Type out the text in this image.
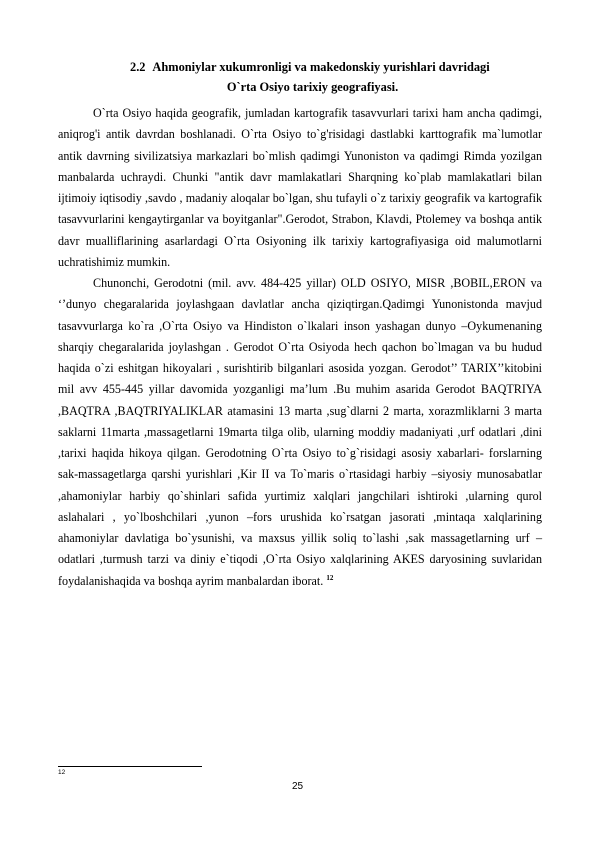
2.2 Ahmoniylar xukumronligi va makedonskiy yurishlari davridagi
O`rta Osiyo tarixiy geografiyasi.

O`rta Osiyo haqida geografik, jumladan kartografik tasavvurlari tarixi ham ancha qadimgi, aniqrog'i antik davrdan boshlanadi. O`rta Osiyo to`g'risidagi dastlabki karttografik ma`lumotlar antik davrning sivilizatsiya markazlari bo`mlish qadimgi Yunoniston va qadimgi Rimda yozilgan manbalarda uchraydi. Chunki "antik davr mamlakatlari Sharqning ko`plab mamlakatlari bilan ijtimoiy iqtisodiy ,savdo , madaniy aloqalar bo`lgan, shu tufayli o`z tarixiy geografik va kartografik tasavvurlarini kengaytirganlar va boyitganlar".Gerodot, Strabon, Klavdi, Ptolemey va boshqa antik davr mualliflarining asarlardagi O`rta Osiyoning ilk tarixiy kartografiyasiga oid malumotlarni uchratishimiz mumkin.

Chunonchi, Gerodotni (mil. avv. 484-425 yillar) OLD OSIYO, MISR ,BOBIL,ERON va ‘’dunyo chegaralarida joylashgaan davlatlar ancha qiziqtirgan.Qadimgi Yunonistonda mavjud tasavvurlarga ko`ra ,O`rta Osiyo va Hindiston o`lkalari inson yashagan dunyo –Oykumenaning sharqiy chegaralarida joylashgan . Gerodot O`rta Osiyoda hech qachon bo`lmagan va bu hudud haqida o`zi eshitgan hikoyalari , surishtirib bilganlari asosida yozgan. Gerodot’’ TARIX’’kitobini mil avv 455-445 yillar davomida yozganligi ma’lum .Bu muhim asarida Gerodot BAQTRIYA ,BAQTRA ,BAQTRIYALIKLAR atamasini 13 marta ,sug`dlarni 2 marta, xorazmliklarni 3 marta saklarni 11marta ,massagetlarni 19marta tilga olib, ularning moddiy madaniyati ,urf odatlari ,dini ,tarixi haqida hikoya qilgan. Gerodotning O`rta Osiyo to`g`risidagi asosiy xabarlari- forslarning sak-massagetlarga qarshi yurishlari ,Kir II va To`maris o`rtasidagi harbiy –siyosiy munosabatlar ,ahamoniylar harbiy qo`shinlari safida yurtimiz xalqlari jangchilari ishtiroki ,ularning qurol aslahalari , yo`lboshchilari ,yunon –fors urushida ko`rsatgan jasorati ,mintaqa xalqlarining ahamoniylar davlatiga bo`ysunishi, va maxsus yillik soliq to`lashi ,sak massagetlarning urf –odatlari ,turmush tarzi va diniy e`tiqodi ,O`rta Osiyo xalqlarining AKES daryosining suvlaridan foydalanishaqida va boshqa ayrim manbalardan iborat. $^{12}$

12
25
